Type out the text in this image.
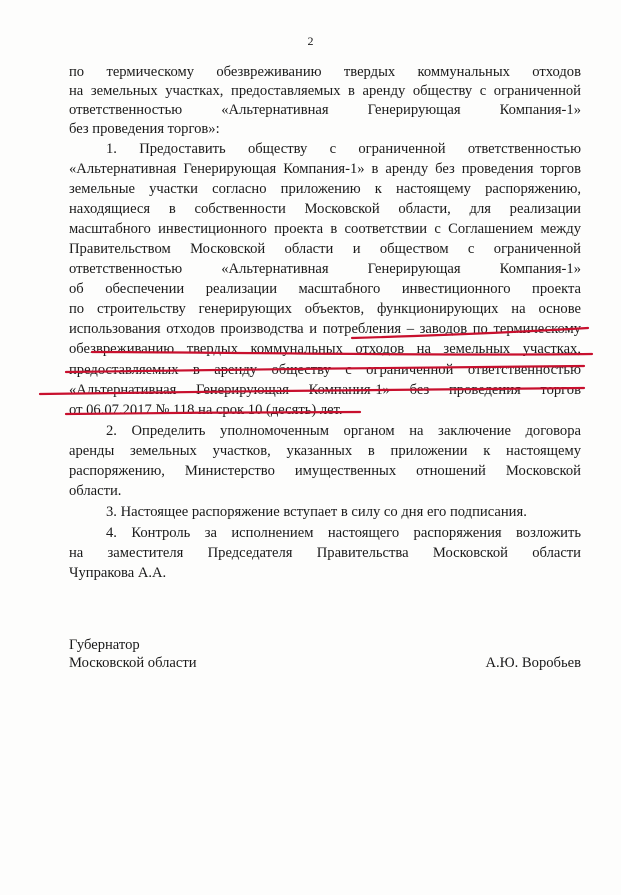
2
по термическому обезвреживанию твердых коммунальных отходов
на земельных участках, предоставляемых в аренду обществу с ограниченной
ответственностью «Альтернативная Генерирующая Компания-1»
без проведения торгов»:
1. Предоставить обществу с ограниченной ответственностью
«Альтернативная Генерирующая Компания-1» в аренду без проведения торгов
земельные участки согласно приложению к настоящему распоряжению,
находящиеся в собственности Московской области, для реализации
масштабного инвестиционного проекта в соответствии с Соглашением между
Правительством Московской области и обществом с ограниченной
ответственностью «Альтернативная Генерирующая Компания-1»
об обеспечении реализации масштабного инвестиционного проекта
по строительству генерирующих объектов, функционирующих на основе
использования отходов производства и потребления – заводов по термическому
обезвреживанию твердых коммунальных отходов на земельных участках,
предоставляемых в аренду обществу с ограниченной ответственностью
«Альтернативная Генерирующая Компания-1» без проведения торгов
от 06.07.2017 № 118 на срок 10 (десять) лет.
2. Определить уполномоченным органом на заключение договора
аренды земельных участков, указанных в приложении к настоящему
распоряжению, Министерство имущественных отношений Московской
области.
3. Настоящее распоряжение вступает в силу со дня его подписания.
4. Контроль за исполнением настоящего распоряжения возложить
на заместителя Председателя Правительства Московской области
Чупракова А.А.
Губернатор
Московской области	А.Ю. Воробьев
